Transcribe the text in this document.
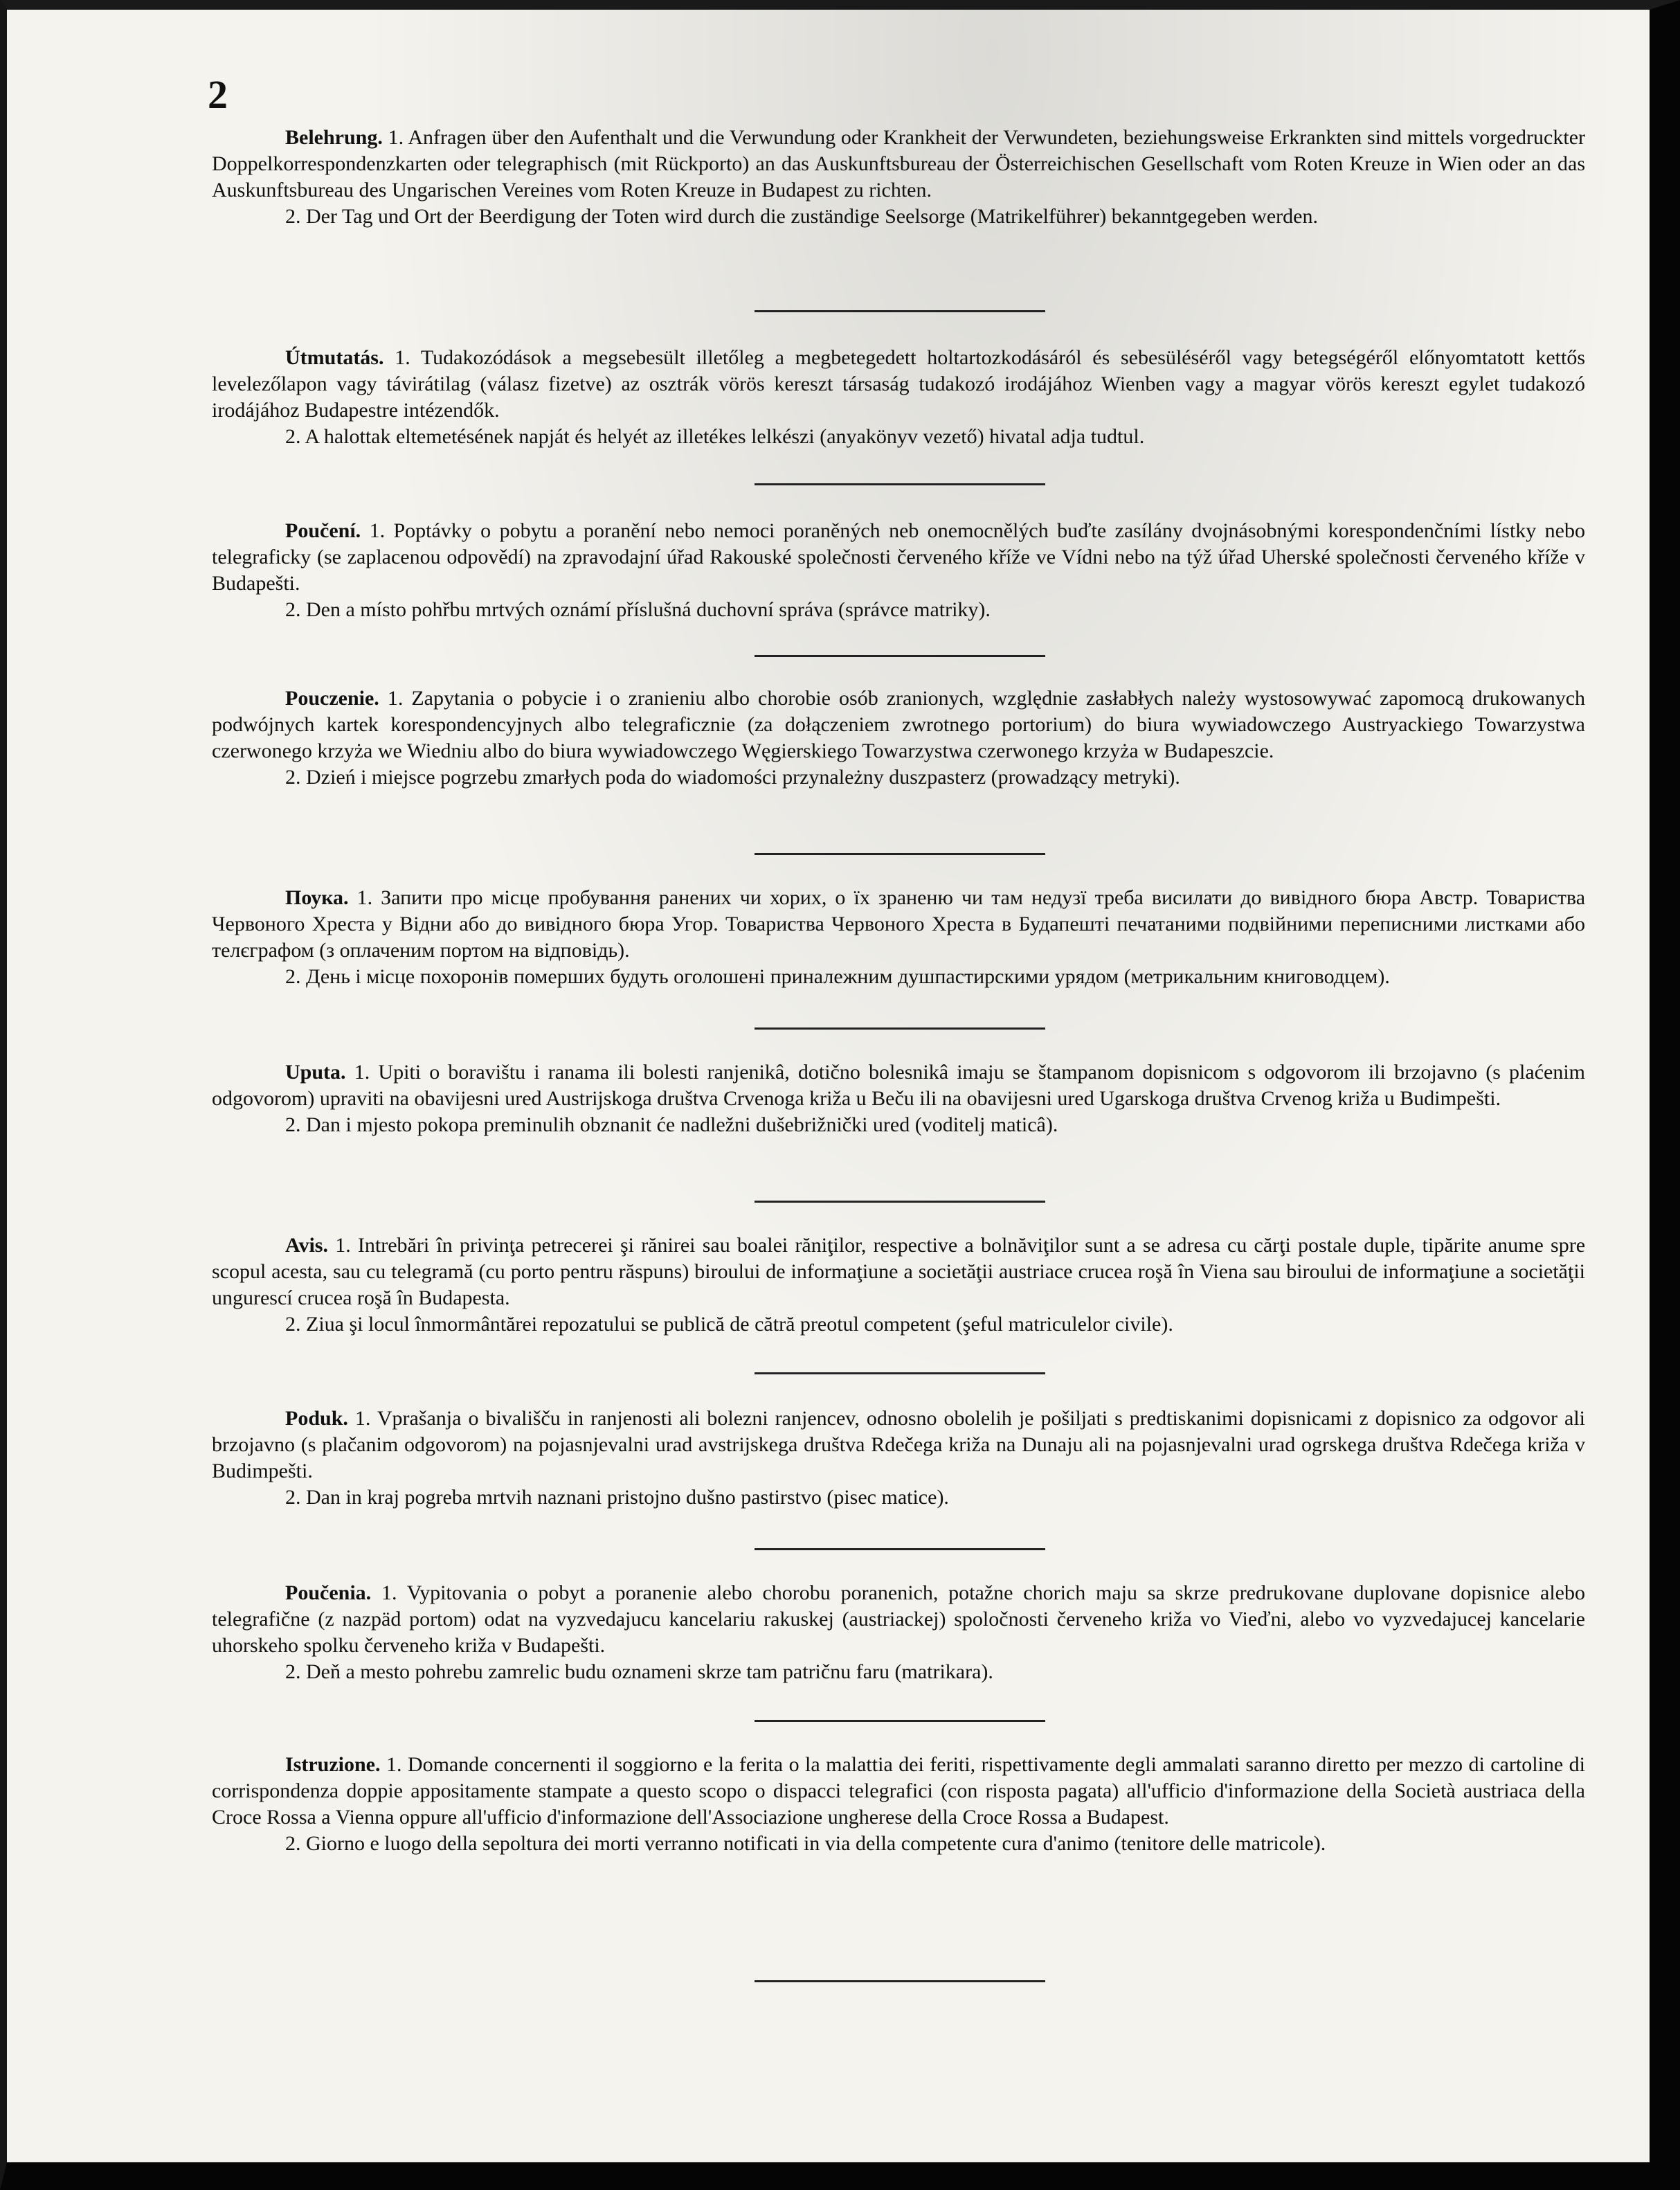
2

Belehrung. 1. Anfragen über den Aufenthalt und die Verwundung oder Krankheit der Verwundeten, beziehungsweise Erkrankten sind mittels vorgedruckter Doppelkorrespondenzkarten oder telegraphisch (mit Rückporto) an das Auskunftsbureau der Österreichischen Gesellschaft vom Roten Kreuze in Wien oder an das Auskunftsbureau des Ungarischen Vereines vom Roten Kreuze in Budapest zu richten.

2. Der Tag und Ort der Beerdigung der Toten wird durch die zuständige Seelsorge (Matrikelführer) bekanntgegeben werden.

Útmutatás. 1. Tudakozódások a megsebesült illetőleg a megbetegedett holtartozkodásáról és sebesüléséről vagy betegségéről előnyomtatott kettős levelezőlapon vagy távirátilag (válasz fizetve) az osztrák vörös kereszt társaság tudakozó irodájához Wienben vagy a magyar vörös kereszt egylet tudakozó irodájához Budapestre intézendők.

2. A halottak eltemetésének napját és helyét az illetékes lelkészi (anyakönyv vezető) hivatal adja tudtul.

Poučení. 1. Poptávky o pobytu a poranění nebo nemoci poraněných neb onemocnělých buďte zasílány dvojnásobnými korespondenčními lístky nebo telegraficky (se zaplacenou odpovědí) na zpravodajní úřad Rakouské společnosti červeného kříže ve Vídni nebo na týž úřad Uherské společnosti červeného kříže v Budapešti.

2. Den a místo pohřbu mrtvých oznámí příslušná duchovní správa (správce matriky).

Pouczenie. 1. Zapytania o pobycie i o zranieniu albo chorobie osób zranionych, względnie zasłabłych należy wystosowywać zapomocą drukowanych podwójnych kartek korespondencyjnych albo telegraficznie (za dołączeniem zwrotnego portorium) do biura wywiadowczego Austryackiego Towarzystwa czerwonego krzyża we Wiedniu albo do biura wywiadowczego Węgierskiego Towarzystwa czerwonego krzyża w Budapeszcie.

2. Dzień i miejsce pogrzebu zmarłych poda do wiadomości przynależny duszpasterz (prowadzący metryki).

Поука. 1. Запити про місце пробування ранених чи хорих, о їх зраненю чи там недузї треба висилати до вивідного бюра Австр. Товариства Червоного Хреста у Відни або до вивідного бюра Угор. Товариства Червоного Хреста в Будапешті печатаними подвійними переписними листками або телєграфом (з оплаченим портом на відповідь).

2. День і місце похоронів померших будуть оголошені приналежним душпастирскими урядом (метрикальним книговодцем).

Uputa. 1. Upiti o boravištu i ranama ili bolesti ranjenikâ, dotično bolesnikâ imaju se štampanom dopisnicom s odgovorom ili brzojavno (s plaćenim odgovorom) upraviti na obavijesni ured Austrijskoga društva Crvenoga križa u Beču ili na obavijesni ured Ugarskoga društva Crvenog križa u Budimpešti.

2. Dan i mjesto pokopa preminulih obznanit će nadležni dušebrižnički ured (voditelj maticâ).

Avis. 1. Intrebări în privinţa petrecerei şi rănirei sau boalei răniţilor, respective a bolnăviţilor sunt a se adresa cu cărţi postale duple, tipărite anume spre scopul acesta, sau cu telegramă (cu porto pentru răspuns) biroului de informaţiune a societăţii austriace crucea roşă în Viena sau biroului de informaţiune a societăţii ungurescí crucea roşă în Budapesta.

2. Ziua şi locul înmormântărei repozatului se publică de cătră preotul competent (şeful matriculelor civile).

Poduk. 1. Vprašanja o bivališču in ranjenosti ali bolezni ranjencev, odnosno obolelih je pošiljati s predtiskanimi dopisnicami z dopisnico za odgovor ali brzojavno (s plačanim odgovorom) na pojasnjevalni urad avstrijskega društva Rdečega križa na Dunaju ali na pojasnjevalni urad ogrskega društva Rdečega križa v Budimpešti.

2. Dan in kraj pogreba mrtvih naznani pristojno dušno pastirstvo (pisec matice).

Poučenia. 1. Vypitovania o pobyt a poranenie alebo chorobu poranenich, potažne chorich maju sa skrze predrukovane duplovane dopisnice alebo telegrafične (z nazpäd portom) odat na vyzvedajucu kancelariu rakuskej (austriackej) spoločnosti červeneho križa vo Vieďni, alebo vo vyzvedajucej kancelarie uhorskeho spolku červeneho križa v Budapešti.

2. Deň a mesto pohrebu zamrelic budu oznameni skrze tam patričnu faru (matrikara).

Istruzione. 1. Domande concernenti il soggiorno e la ferita o la malattia dei feriti, rispettivamente degli ammalati saranno diretto per mezzo di cartoline di corrispondenza doppie appositamente stampate a questo scopo o dispacci telegrafici (con risposta pagata) all'ufficio d'informazione della Società austriaca della Croce Rossa a Vienna oppure all'ufficio d'informazione dell'Associazione ungherese della Croce Rossa a Budapest.

2. Giorno e luogo della sepoltura dei morti verranno notificati in via della competente cura d'animo (tenitore delle matricole).
